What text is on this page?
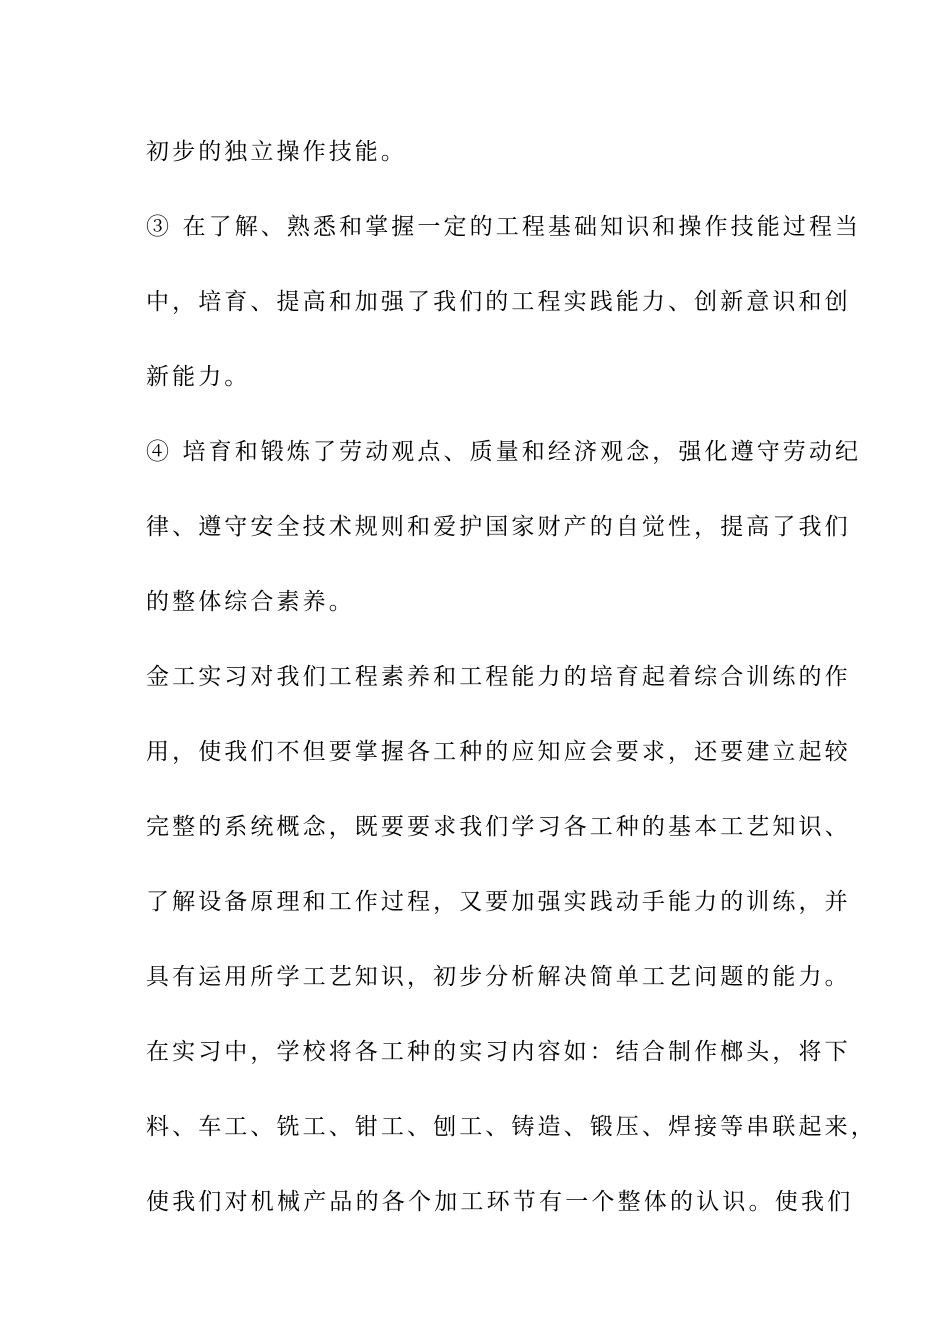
初步的独立操作技能。
③ 在了解、熟悉和掌握一定的工程基础知识和操作技能过程当
中，培育、提高和加强了我们的工程实践能力、创新意识和创
新能力。
④ 培育和锻炼了劳动观点、质量和经济观念，强化遵守劳动纪
律、遵守安全技术规则和爱护国家财产的自觉性，提高了我们
的整体综合素养。
金工实习对我们工程素养和工程能力的培育起着综合训练的作
用，使我们不但要掌握各工种的应知应会要求，还要建立起较
完整的系统概念，既要要求我们学习各工种的基本工艺知识、
了解设备原理和工作过程，又要加强实践动手能力的训练，并
具有运用所学工艺知识，初步分析解决简单工艺问题的能力。
在实习中，学校将各工种的实习内容如：结合制作榔头，将下
料、车工、铣工、钳工、刨工、铸造、锻压、焊接等串联起来，
使我们对机械产品的各个加工环节有一个整体的认识。使我们
